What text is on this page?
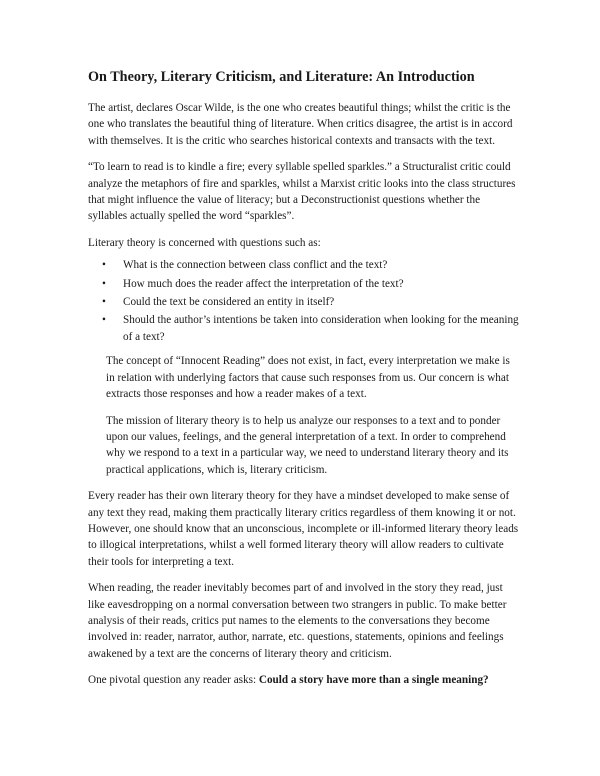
On Theory, Literary Criticism, and Literature: An Introduction

The artist, declares Oscar Wilde, is the one who creates beautiful things; whilst the critic is the one who translates the beautiful thing of literature. When critics disagree, the artist is in accord with themselves. It is the critic who searches historical contexts and transacts with the text.

“To learn to read is to kindle a fire; every syllable spelled sparkles.” a Structuralist critic could analyze the metaphors of fire and sparkles, whilst a Marxist critic looks into the class structures that might influence the value of literacy; but a Deconstructionist questions whether the syllables actually spelled the word “sparkles”.

Literary theory is concerned with questions such as:

• What is the connection between class conflict and the text?
• How much does the reader affect the interpretation of the text?
• Could the text be considered an entity in itself?
• Should the author’s intentions be taken into consideration when looking for the meaning of a text?

The concept of “Innocent Reading” does not exist, in fact, every interpretation we make is in relation with underlying factors that cause such responses from us. Our concern is what extracts those responses and how a reader makes of a text.

The mission of literary theory is to help us analyze our responses to a text and to ponder upon our values, feelings, and the general interpretation of a text. In order to comprehend why we respond to a text in a particular way, we need to understand literary theory and its practical applications, which is, literary criticism.

Every reader has their own literary theory for they have a mindset developed to make sense of any text they read, making them practically literary critics regardless of them knowing it or not. However, one should know that an unconscious, incomplete or ill-informed literary theory leads to illogical interpretations, whilst a well formed literary theory will allow readers to cultivate their tools for interpreting a text.

When reading, the reader inevitably becomes part of and involved in the story they read, just like eavesdropping on a normal conversation between two strangers in public. To make better analysis of their reads, critics put names to the elements to the conversations they become involved in: reader, narrator, author, narrate, etc. questions, statements, opinions and feelings awakened by a text are the concerns of literary theory and criticism.

One pivotal question any reader asks: Could a story have more than a single meaning?
